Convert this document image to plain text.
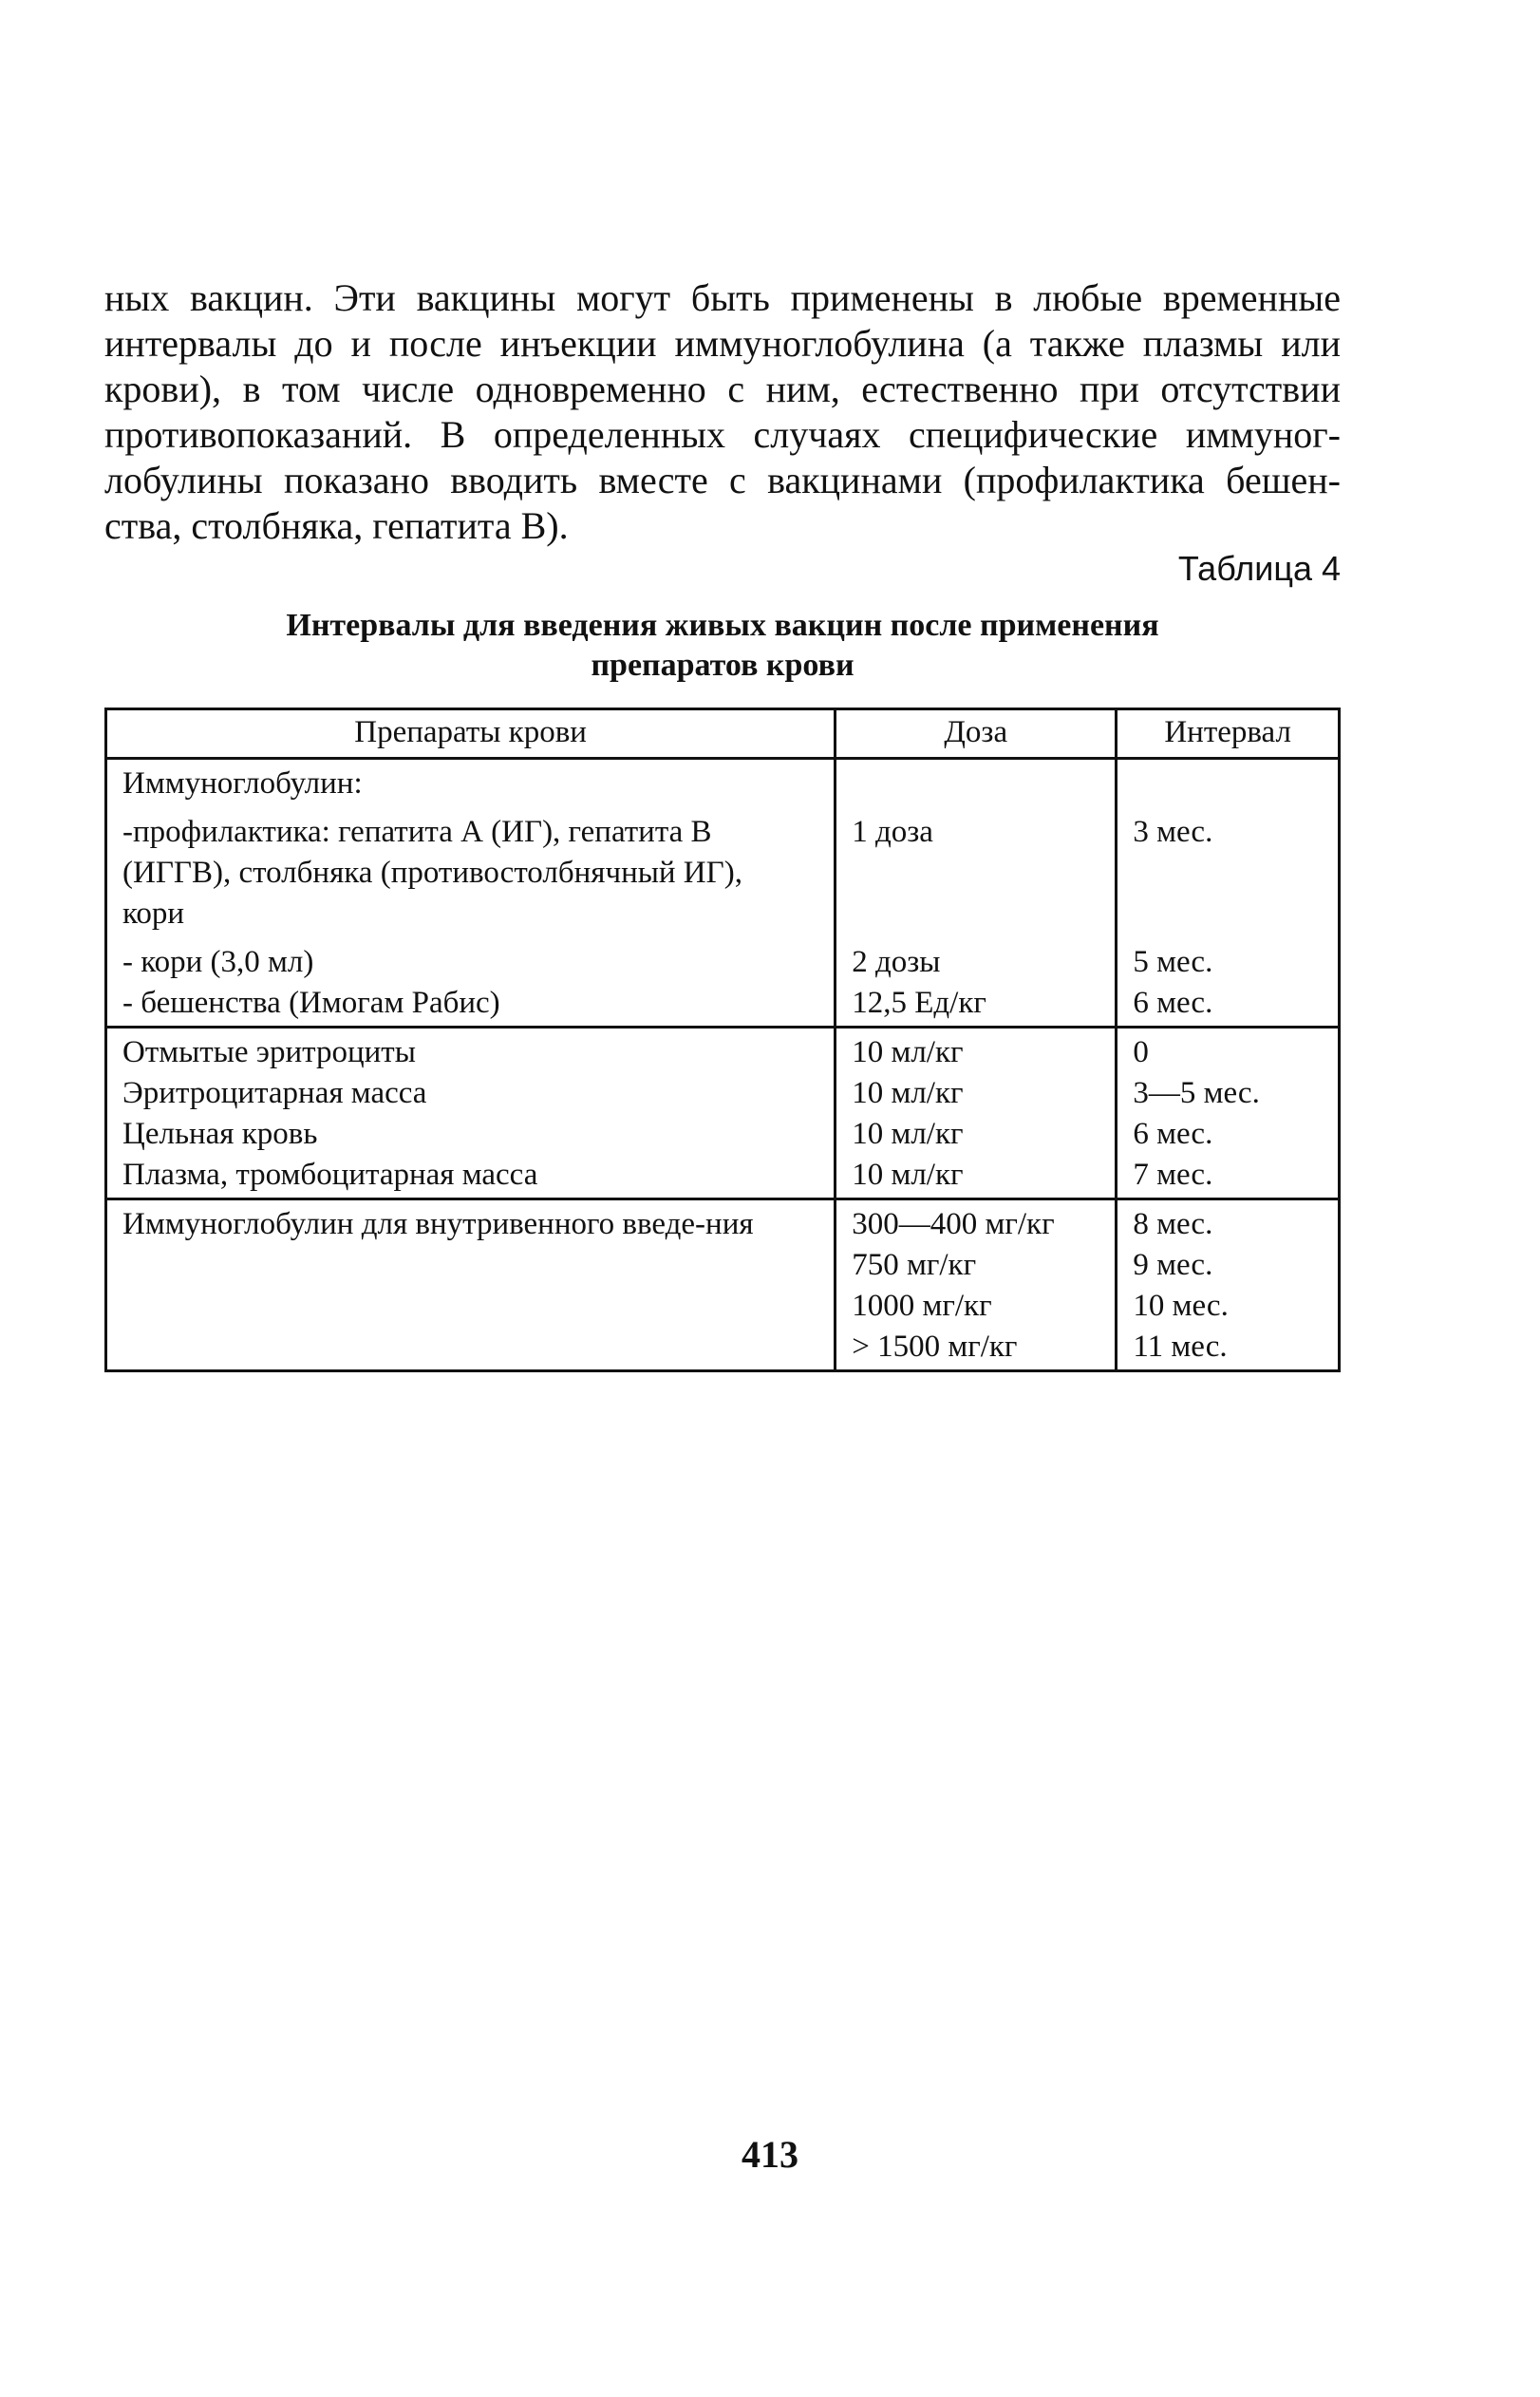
ных вакцин. Эти вакцины могут быть применены в любые временные
интервалы до и после инъекции иммуноглобулина (а также плазмы или
крови), в том числе одновременно с ним, естественно при отсутствии
противопоказаний. В определенных случаях специфические иммуног-
лобулины показано вводить вместе с вакцинами (профилактика бешен-
ства, столбняка, гепатита В).
Таблица 4
Интервалы для введения живых вакцин после применения
препаратов крови
Препараты крови	Доза	Интервал
Иммуноглобулин:		
-профилактика: гепатита А (ИГ), гепатита В (ИГГВ), столбняка (противостолбнячный ИГ), кори	1 доза	3 мес.
- кори (3,0 мл)	2 дозы	5 мес.
- бешенства (Имогам Рабис)	12,5 Ед/кг	6 мес.
Отмытые эритроциты	10 мл/кг	0
Эритроцитарная масса	10 мл/кг	3—5 мес.
Цельная кровь	10 мл/кг	6 мес.
Плазма, тромбоцитарная масса	10 мл/кг	7 мес.
Иммуноглобулин для внутривенного введе-ния	300—400 мг/кг	8 мес.
	750 мг/кг	9 мес.
	1000 мг/кг	10 мес.
	> 1500 мг/кг	11 мес.
413
